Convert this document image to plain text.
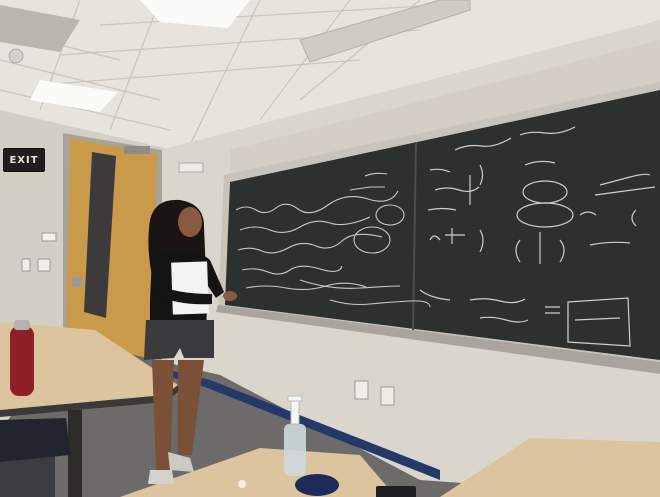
EXIT
